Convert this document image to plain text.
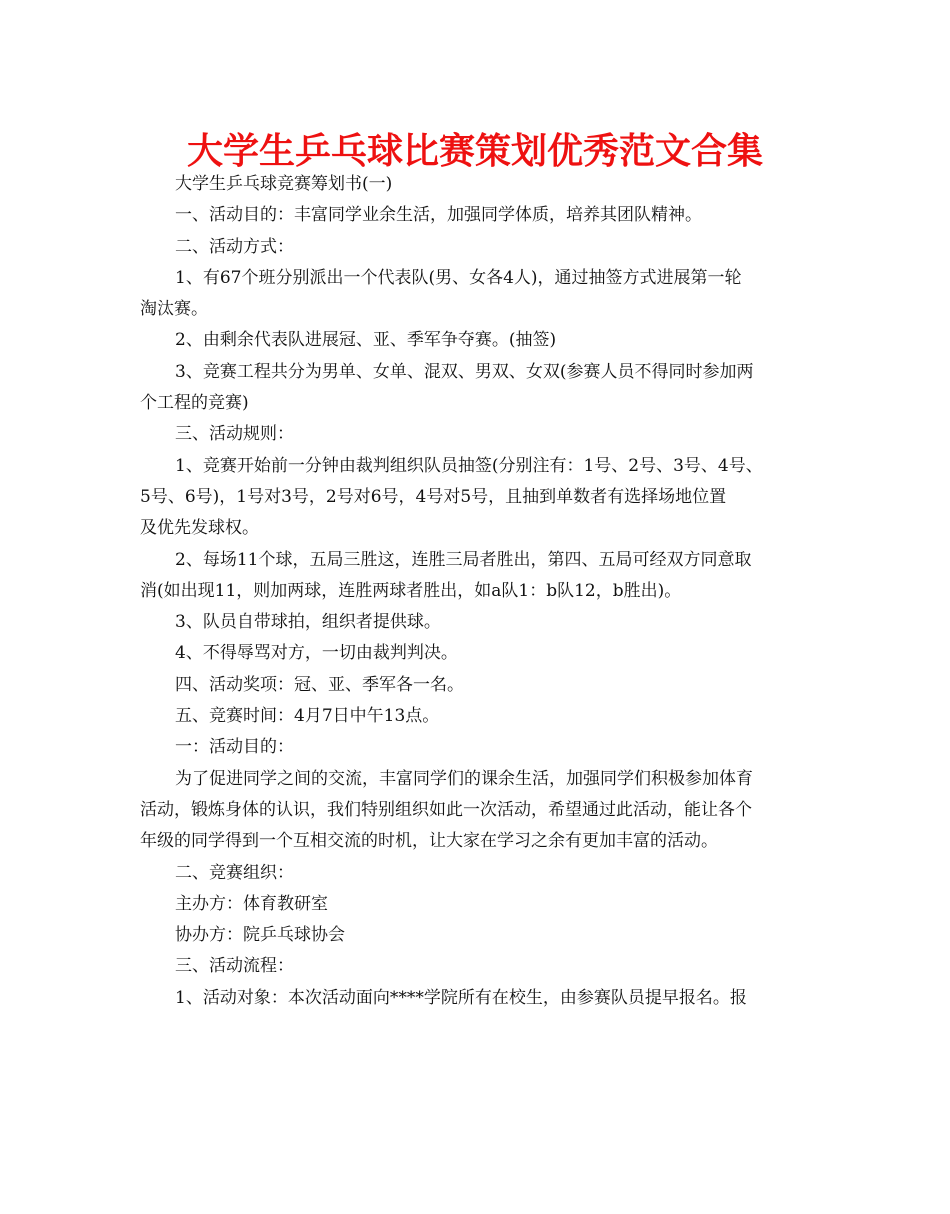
大学生乒乓球比赛策划优秀范文合集

大学生乒乓球竞赛筹划书(一)

一、活动目的：丰富同学业余生活，加强同学体质，培养其团队精神。

二、活动方式：

1、有67个班分别派出一个代表队(男、女各4人)，通过抽签方式进展第一轮

淘汰赛。

2、由剩余代表队进展冠、亚、季军争夺赛。(抽签)

3、竞赛工程共分为男单、女单、混双、男双、女双(参赛人员不得同时参加两

个工程的竞赛)

三、活动规则：

1、竞赛开始前一分钟由裁判组织队员抽签(分别注有：1号、2号、3号、4号、

5号、6号)，1号对3号，2号对6号，4号对5号，且抽到单数者有选择场地位置

及优先发球权。

2、每场11个球，五局三胜这，连胜三局者胜出，第四、五局可经双方同意取

消(如出现11，则加两球，连胜两球者胜出，如a队1：b队12，b胜出)。

3、队员自带球拍，组织者提供球。

4、不得辱骂对方，一切由裁判判决。

四、活动奖项：冠、亚、季军各一名。

五、竞赛时间：4月7日中午13点。

一：活动目的：

为了促进同学之间的交流，丰富同学们的课余生活，加强同学们积极参加体育

活动，锻炼身体的认识，我们特别组织如此一次活动，希望通过此活动，能让各个

年级的同学得到一个互相交流的时机，让大家在学习之余有更加丰富的活动。

二、竞赛组织：

主办方：体育教研室

协办方：院乒乓球协会

三、活动流程：

1、活动对象：本次活动面向****学院所有在校生，由参赛队员提早报名。报
